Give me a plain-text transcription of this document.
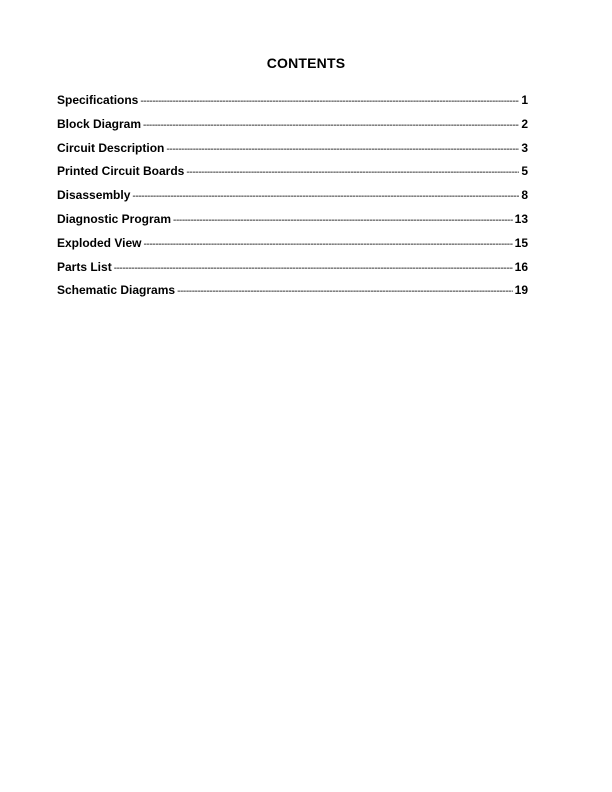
CONTENTS
Specifications -----	1
Block Diagram -----	2
Circuit Description -----	3
Printed Circuit Boards -----	5
Disassembly -----	8
Diagnostic Program -----	13
Exploded View -----	15
Parts List -----	16
Schematic Diagrams -----	19
